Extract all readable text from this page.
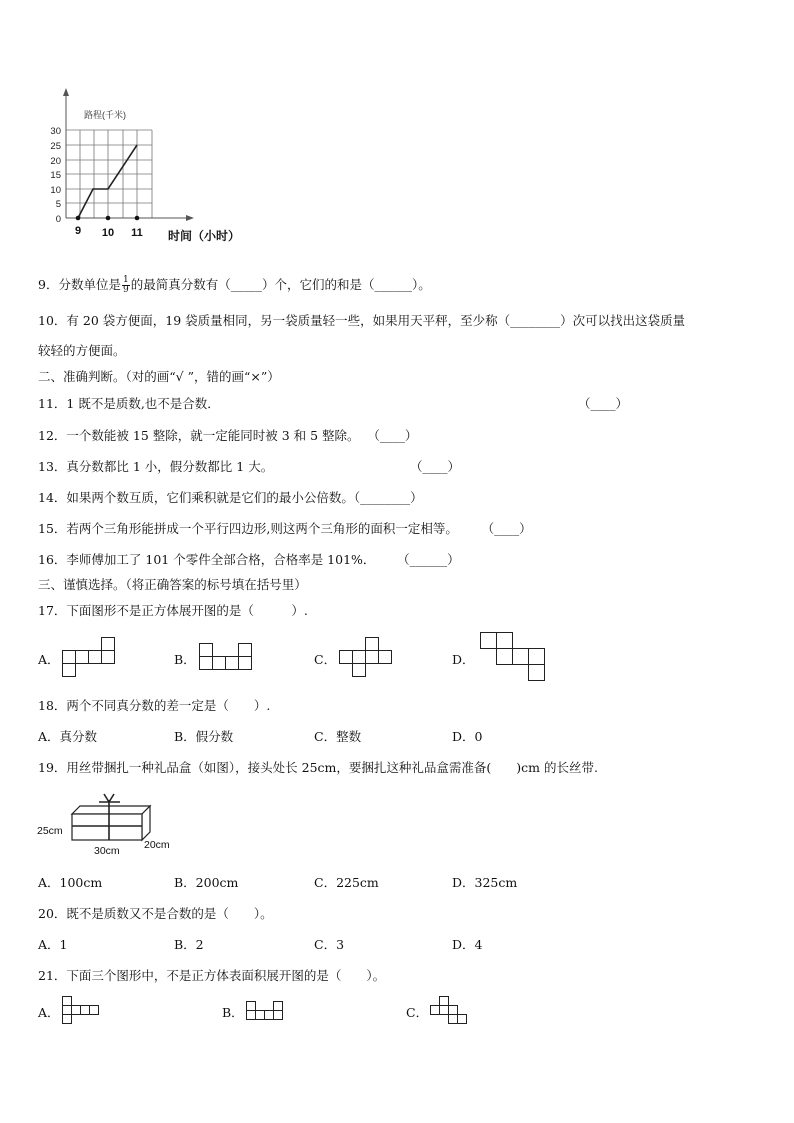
路程(千米)
30
25
20
15
10
5
0
9 10 11 时间（小时）
9．分数单位是 $\frac{1}{9}$ 的最简真分数有（_____）个，它们的和是（______）。
10．有 20 袋方便面，19 袋质量相同，另一袋质量轻一些，如果用天平秤，至少称（________）次可以找出这袋质量
较轻的方便面。
二、准确判断。（对的画“√ ”，错的画“×”）
11．1 既不是质数,也不是合数．	（____）
12．一个数能被 15 整除，就一定能同时被 3 和 5 整除。 （____）
13．真分数都比 1 小，假分数都比 1 大。	（____）
14．如果两个数互质，它们乘积就是它们的最小公倍数。（________）
15．若两个三角形能拼成一个平行四边形,则这两个三角形的面积一定相等。 （____）
16．李师傅加工了 101 个零件全部合格，合格率是 101%． （______）
三、谨慎选择。（将正确答案的标号填在括号里）
17．下面图形不是正方体展开图的是（　　　）.
A．	B．	C．	D．
18．两个不同真分数的差一定是（　　）.
A．真分数	B．假分数	C．整数	D．0
19．用丝带捆扎一种礼品盒（如图），接头处长 25cm，要捆扎这种礼品盒需准备(　　)cm 的长丝带.
25cm
30cm 20cm
A．100cm	B．200cm	C．225cm	D．325cm
20．既不是质数又不是合数的是（　　）。
A．1	B．2	C．3	D．4
21．下面三个图形中，不是正方体表面积展开图的是（　　）。
A．	B．	C．
